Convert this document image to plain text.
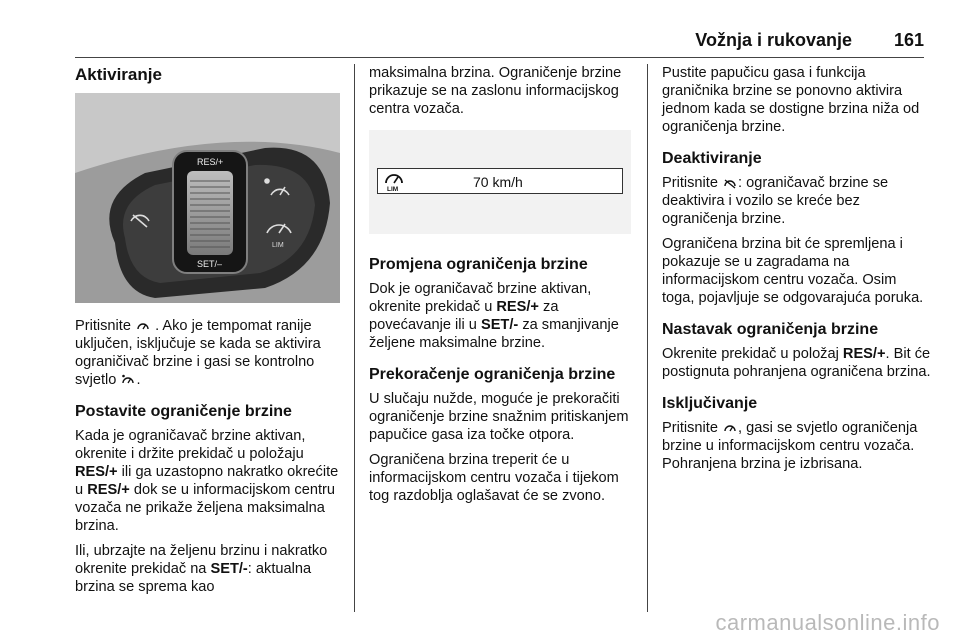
Vožnja i rukovanje 161
Aktiviranje
RES/+
SET/–
LIM
Pritisnite . Ako je tempomat ranije uključen, isključuje se kada se aktivira ograničivač brzine i gasi se kontrolno svjetlo .
Postavite ograničenje brzine
Kada je ograničavač brzine aktivan, okrenite i držite prekidač u položaju RES/+ ili ga uzastopno nakratko okrećite u RES/+ dok se u informacijskom centru vozača ne prikaže željena maksimalna brzina.
Ili, ubrzajte na željenu brzinu i nakratko okrenite prekidač na SET/-: aktualna brzina se sprema kao
maksimalna brzina. Ograničenje brzine prikazuje se na zaslonu informacijskog centra vozača.
LIM	70 km/h
Promjena ograničenja brzine
Dok je ograničavač brzine aktivan, okrenite prekidač u RES/+ za povećavanje ili u SET/- za smanjivanje željene maksimalne brzine.
Prekoračenje ograničenja brzine
U slučaju nužde, moguće je prekoračiti ograničenje brzine snažnim pritiskanjem papučice gasa iza točke otpora.
Ograničena brzina treperit će u informacijskom centru vozača i tijekom tog razdoblja oglašavat će se zvono.
Pustite papučicu gasa i funkcija graničnika brzine se ponovno aktivira jednom kada se dostigne brzina niža od ograničenja brzine.
Deaktiviranje
Pritisnite : ograničavač brzine se deaktivira i vozilo se kreće bez ograničenja brzine.
Ograničena brzina bit će spremljena i pokazuje se u zagradama na informacijskom centru vozača. Osim toga, pojavljuje se odgovarajuća poruka.
Nastavak ograničenja brzine
Okrenite prekidač u položaj RES/+. Bit će postignuta pohranjena ograničena brzina.
Isključivanje
Pritisnite , gasi se svjetlo ograničenja brzine u informacijskom centru vozača. Pohranjena brzina je izbrisana.
carmanualsonline.info
